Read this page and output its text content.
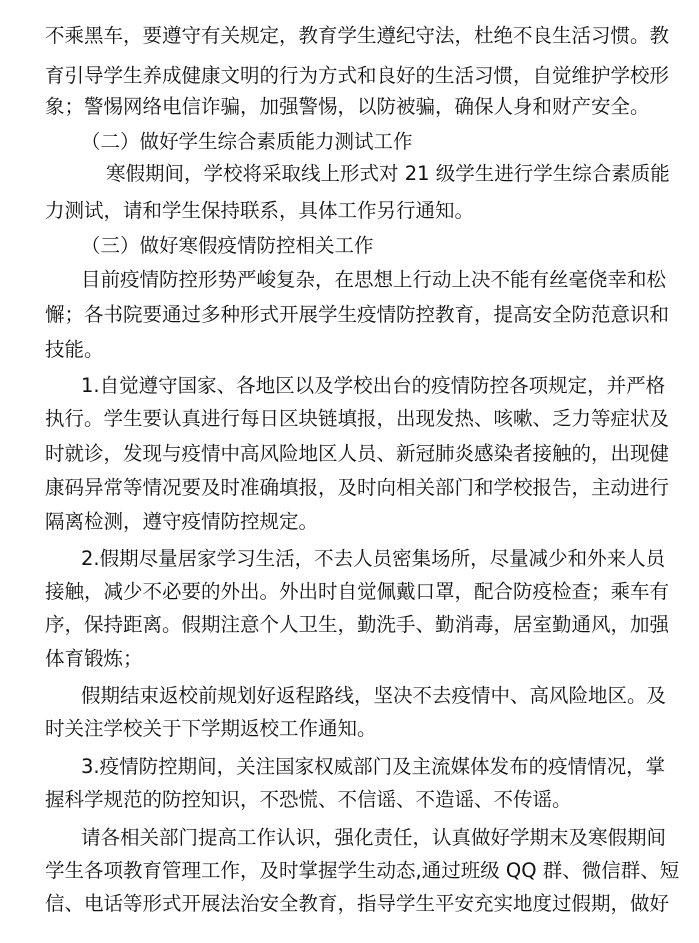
不乘黑车，要遵守有关规定，教育学生遵纪守法，杜绝不良生活习惯。教
育引导学生养成健康文明的行为方式和良好的生活习惯，自觉维护学校形
象；警惕网络电信诈骗，加强警惕，以防被骗，确保人身和财产安全。
（二）做好学生综合素质能力测试工作
寒假期间，学校将采取线上形式对 21 级学生进行学生综合素质能
力测试，请和学生保持联系，具体工作另行通知。
（三）做好寒假疫情防控相关工作
目前疫情防控形势严峻复杂，在思想上行动上决不能有丝毫侥幸和松
懈；各书院要通过多种形式开展学生疫情防控教育，提高安全防范意识和
技能。
1.自觉遵守国家、各地区以及学校出台的疫情防控各项规定，并严格
执行。学生要认真进行每日区块链填报，出现发热、咳嗽、乏力等症状及
时就诊，发现与疫情中高风险地区人员、新冠肺炎感染者接触的，出现健
康码异常等情况要及时准确填报，及时向相关部门和学校报告，主动进行
隔离检测，遵守疫情防控规定。
2.假期尽量居家学习生活，不去人员密集场所，尽量减少和外来人员
接触，减少不必要的外出。外出时自觉佩戴口罩，配合防疫检查；乘车有
序，保持距离。假期注意个人卫生，勤洗手、勤消毒，居室勤通风，加强
体育锻炼；
假期结束返校前规划好返程路线，坚决不去疫情中、高风险地区。及
时关注学校关于下学期返校工作通知。
3.疫情防控期间，关注国家权威部门及主流媒体发布的疫情情况，掌
握科学规范的防控知识，不恐慌、不信谣、不造谣、不传谣。
请各相关部门提高工作认识，强化责任，认真做好学期末及寒假期间
学生各项教育管理工作，及时掌握学生动态,通过班级 QQ 群、微信群、短
信、电话等形式开展法治安全教育，指导学生平安充实地度过假期，做好
